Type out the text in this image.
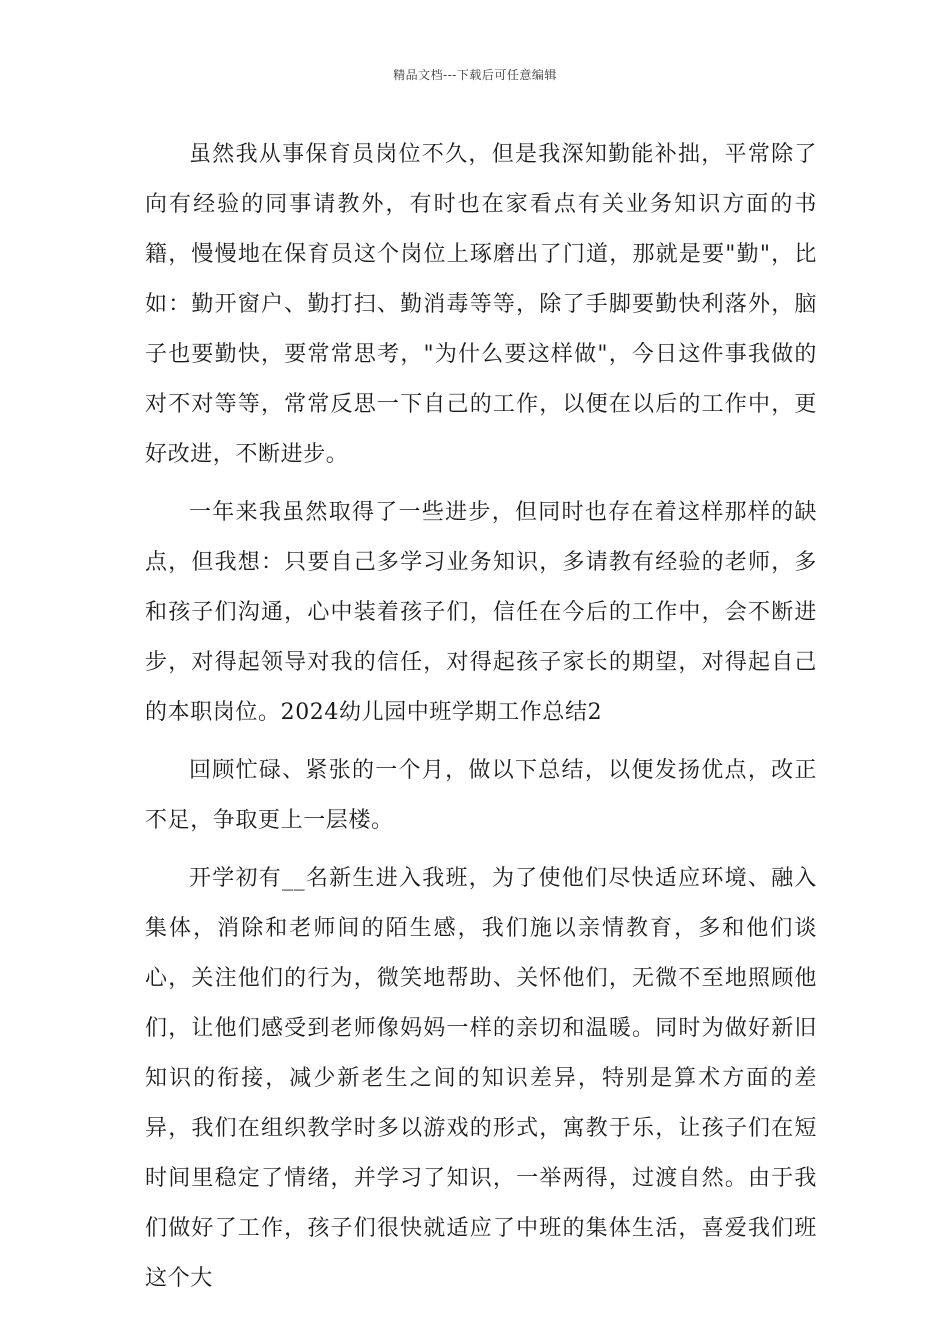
精品文档---下载后可任意编辑

虽然我从事保育员岗位不久，但是我深知勤能补拙，平常除了向有经验的同事请教外，有时也在家看点有关业务知识方面的书籍，慢慢地在保育员这个岗位上琢磨出了门道，那就是要"勤"，比如：勤开窗户、勤打扫、勤消毒等等，除了手脚要勤快利落外，脑子也要勤快，要常常思考，"为什么要这样做"，今日这件事我做的对不对等等，常常反思一下自己的工作，以便在以后的工作中，更好改进，不断进步。

一年来我虽然取得了一些进步，但同时也存在着这样那样的缺点，但我想：只要自己多学习业务知识，多请教有经验的老师，多和孩子们沟通，心中装着孩子们，信任在今后的工作中，会不断进步，对得起领导对我的信任，对得起孩子家长的期望，对得起自己的本职岗位。2024幼儿园中班学期工作总结2

回顾忙碌、紧张的一个月，做以下总结，以便发扬优点，改正不足，争取更上一层楼。

开学初有__名新生进入我班，为了使他们尽快适应环境、融入集体，消除和老师间的陌生感，我们施以亲情教育，多和他们谈心，关注他们的行为，微笑地帮助、关怀他们，无微不至地照顾他们，让他们感受到老师像妈妈一样的亲切和温暖。同时为做好新旧知识的衔接，减少新老生之间的知识差异，特别是算术方面的差异，我们在组织教学时多以游戏的形式，寓教于乐，让孩子们在短时间里稳定了情绪，并学习了知识，一举两得，过渡自然。由于我们做好了工作，孩子们很快就适应了中班的集体生活，喜爱我们班这个大
